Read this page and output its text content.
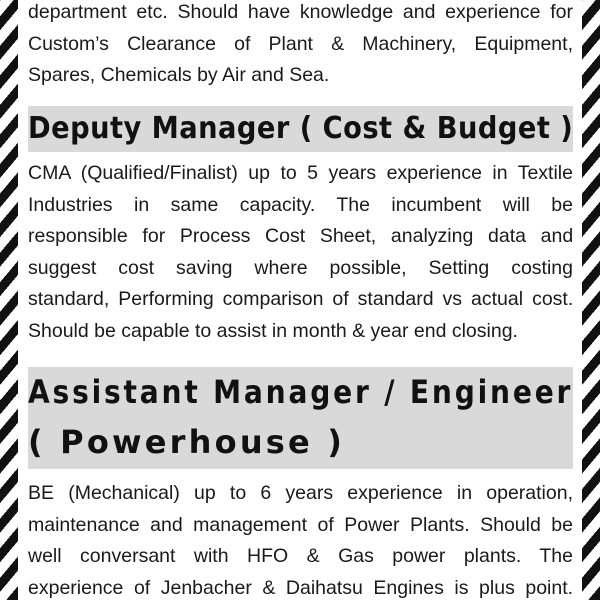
department etc. Should have knowledge and experience for
Custom’s Clearance of Plant & Machinery, Equipment,
Spares, Chemicals by Air and Sea.
Deputy Manager ( Cost & Budget )
CMA (Qualified/Finalist) up to 5 years experience in Textile
Industries in same capacity. The incumbent will be
responsible for Process Cost Sheet, analyzing data and
suggest cost saving where possible, Setting costing
standard, Performing comparison of standard vs actual cost.
Should be capable to assist in month & year end closing.
Assistant Manager / Engineer
( Powerhouse )
BE (Mechanical) up to 6 years experience in operation,
maintenance and management of Power Plants. Should be
well conversant with HFO & Gas power plants. The
experience of Jenbacher & Daihatsu Engines is plus point.
